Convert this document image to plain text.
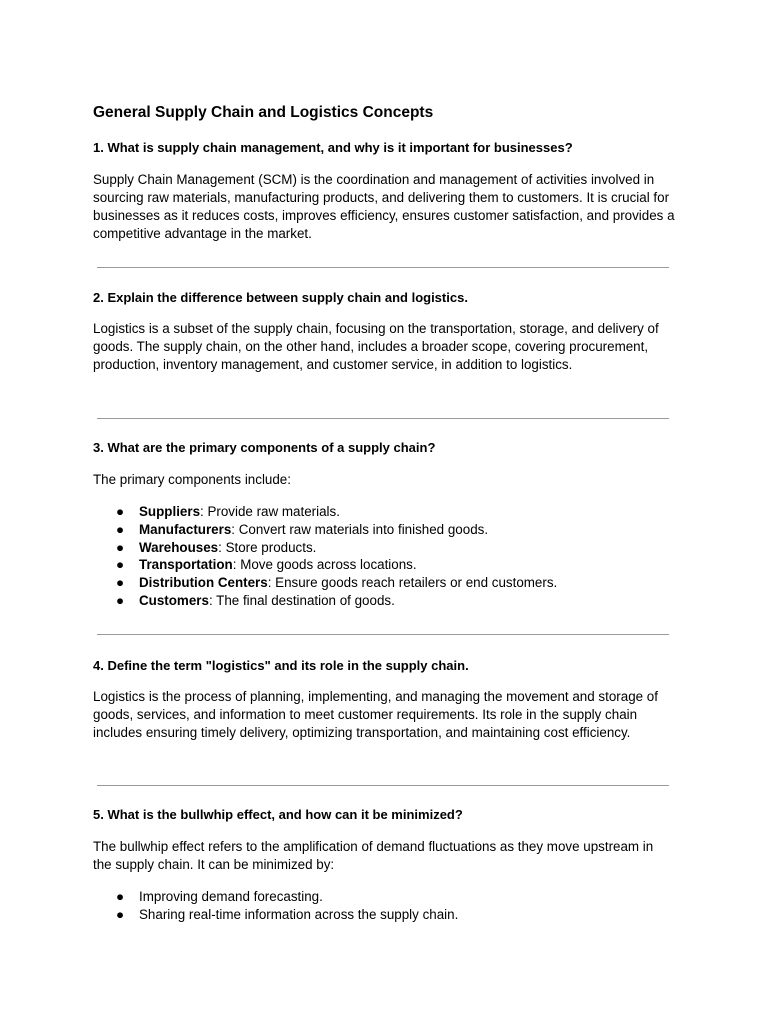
General Supply Chain and Logistics Concepts
1. What is supply chain management, and why is it important for businesses?

Supply Chain Management (SCM) is the coordination and management of activities involved in sourcing raw materials, manufacturing products, and delivering them to customers. It is crucial for businesses as it reduces costs, improves efficiency, ensures customer satisfaction, and provides a competitive advantage in the market.

2. Explain the difference between supply chain and logistics.

Logistics is a subset of the supply chain, focusing on the transportation, storage, and delivery of goods. The supply chain, on the other hand, includes a broader scope, covering procurement, production, inventory management, and customer service, in addition to logistics.

3. What are the primary components of a supply chain?

The primary components include:

● Suppliers: Provide raw materials.
● Manufacturers: Convert raw materials into finished goods.
● Warehouses: Store products.
● Transportation: Move goods across locations.
● Distribution Centers: Ensure goods reach retailers or end customers.
● Customers: The final destination of goods.
4. Define the term "logistics" and its role in the supply chain.

Logistics is the process of planning, implementing, and managing the movement and storage of goods, services, and information to meet customer requirements. Its role in the supply chain includes ensuring timely delivery, optimizing transportation, and maintaining cost efficiency.

5. What is the bullwhip effect, and how can it be minimized?

The bullwhip effect refers to the amplification of demand fluctuations as they move upstream in the supply chain. It can be minimized by:

● Improving demand forecasting.
● Sharing real-time information across the supply chain.
